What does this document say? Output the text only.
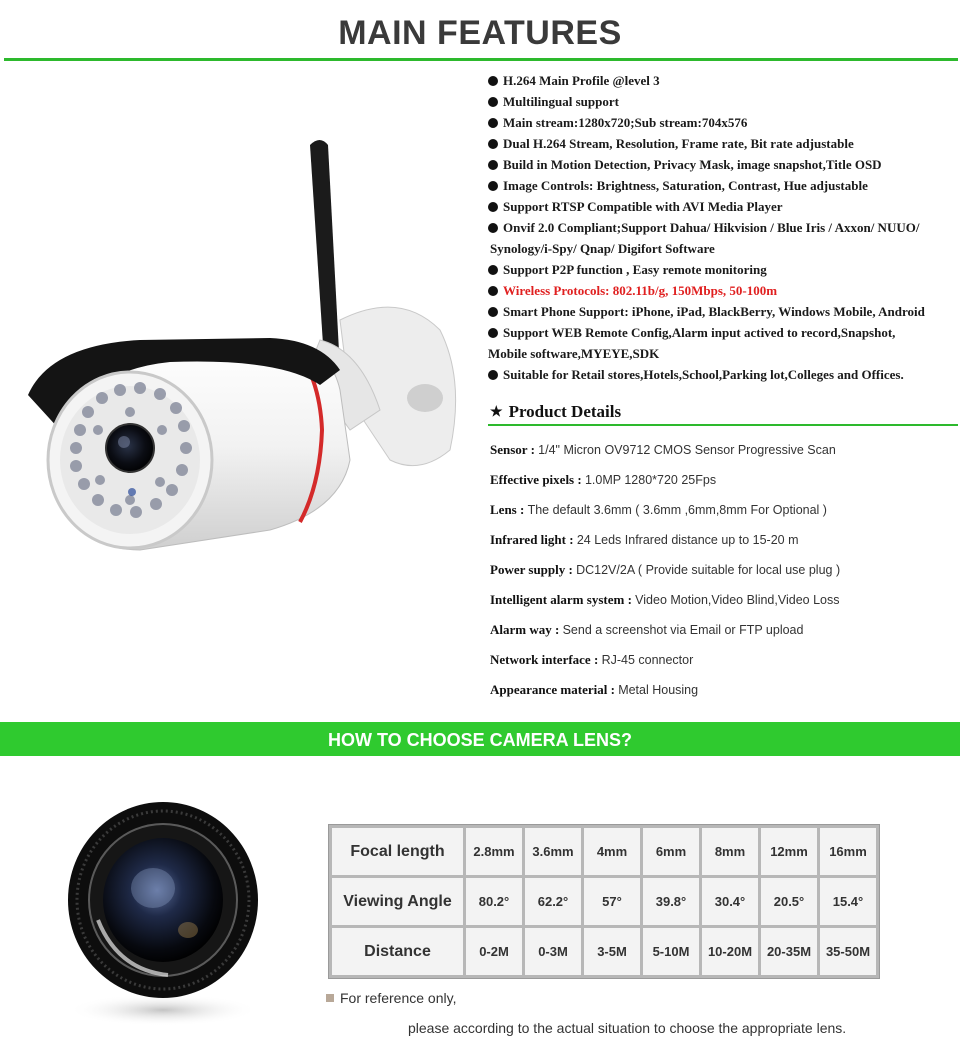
MAIN FEATURES
H.264 Main Profile @level 3
Multilingual support
Main stream:1280x720;Sub stream:704x576
Dual H.264 Stream, Resolution, Frame rate, Bit rate adjustable
Build in Motion Detection, Privacy Mask, image snapshot,Title OSD
Image Controls: Brightness, Saturation, Contrast, Hue adjustable
Support RTSP Compatible with AVI Media Player
Onvif 2.0 Compliant;Support Dahua/ Hikvision / Blue Iris / Axxon/ NUUO/
Synology/i-Spy/ Qnap/ Digifort Software
Support P2P function , Easy remote monitoring
Wireless Protocols: 802.11b/g, 150Mbps, 50-100m
Smart Phone Support: iPhone, iPad, BlackBerry, Windows Mobile, Android
Support WEB Remote Config,Alarm input actived to record,Snapshot,
Mobile software,MYEYE,SDK
Suitable for Retail stores,Hotels,School,Parking lot,Colleges and Offices.
★ Product Details
Sensor : 1/4" Micron OV9712 CMOS Sensor Progressive Scan
Effective pixels : 1.0MP 1280*720 25Fps
Lens : The default 3.6mm ( 3.6mm ,6mm,8mm For Optional )
Infrared light : 24 Leds Infrared distance up to 15-20 m
Power supply : DC12V/2A ( Provide suitable for local use plug )
Intelligent alarm system : Video Motion,Video Blind,Video Loss
Alarm way : Send a screenshot via Email or FTP upload
Network interface : RJ-45 connector
Appearance material : Metal Housing
HOW TO CHOOSE CAMERA LENS?
Focal length	2.8mm	3.6mm	4mm	6mm	8mm	12mm	16mm
Viewing Angle	80.2°	62.2°	57°	39.8°	30.4°	20.5°	15.4°
Distance	0-2M	0-3M	3-5M	5-10M	10-20M	20-35M	35-50M
For reference only,
please according to the actual situation to choose the appropriate lens.
